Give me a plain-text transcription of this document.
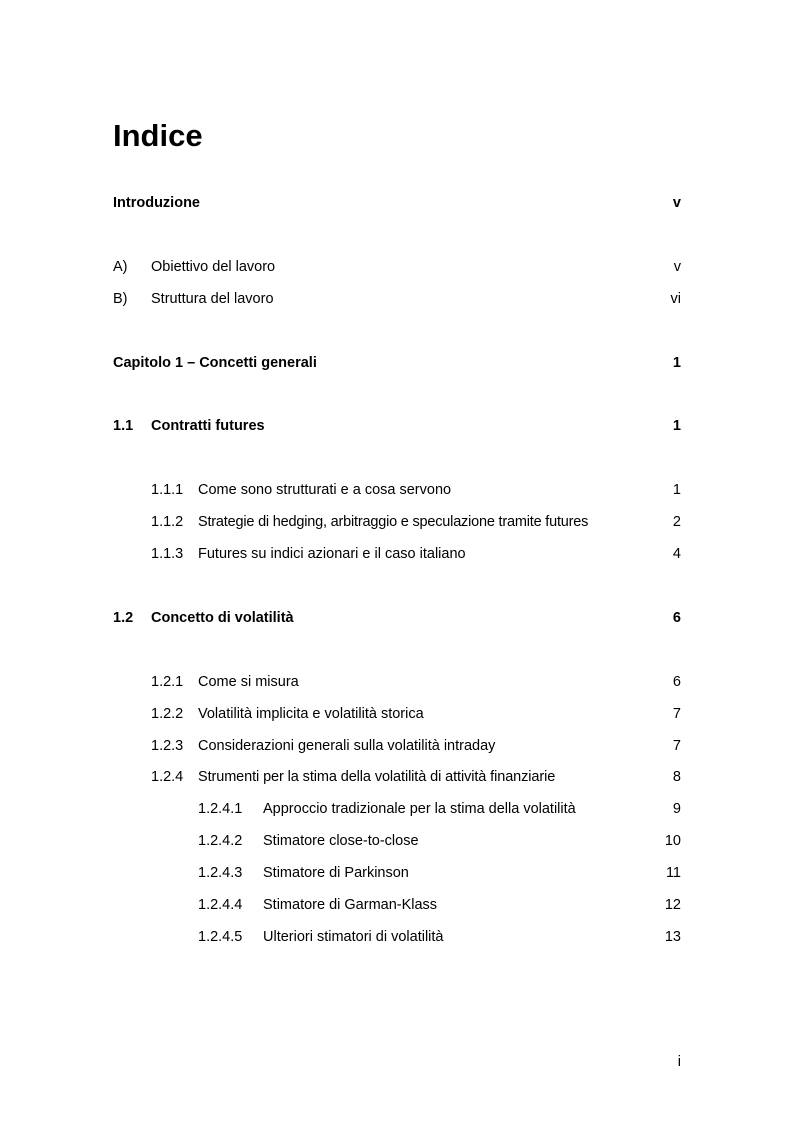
Indice
Introduzione	v
A) Obiettivo del lavoro	v
B) Struttura del lavoro	vi
Capitolo 1 – Concetti generali	1
1.1 Contratti futures	1
1.1.1 Come sono strutturati e a cosa servono	1
1.1.2 Strategie di hedging, arbitraggio e speculazione tramite futures	2
1.1.3 Futures su indici azionari e il caso italiano	4
1.2 Concetto di volatilità	6
1.2.1 Come si misura	6
1.2.2 Volatilità implicita e volatilità storica	7
1.2.3 Considerazioni generali sulla volatilità intraday	7
1.2.4 Strumenti per la stima della volatilità di attività finanziarie	8
1.2.4.1 Approccio tradizionale per la stima della volatilità	9
1.2.4.2 Stimatore close-to-close	10
1.2.4.3 Stimatore di Parkinson	11
1.2.4.4 Stimatore di Garman-Klass	12
1.2.4.5 Ulteriori stimatori di volatilità	13
i
